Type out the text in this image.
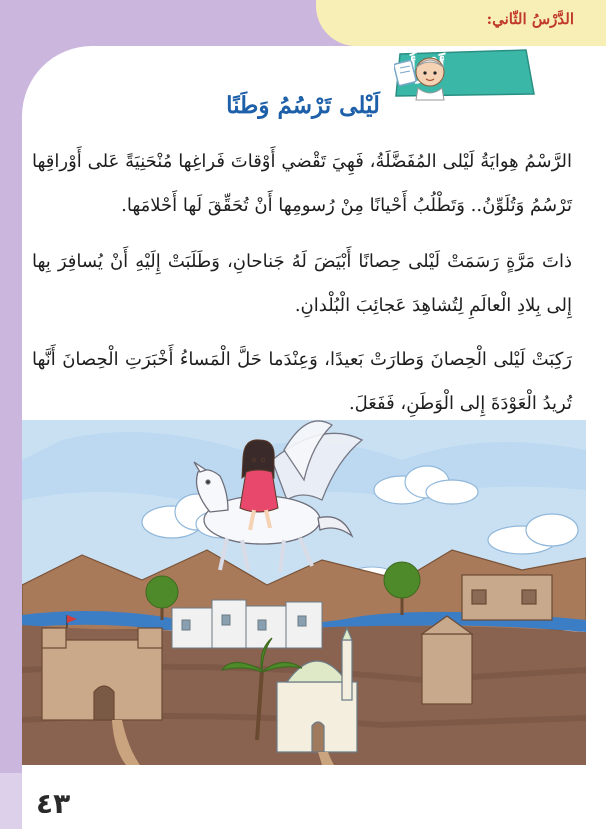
الدَّرْسُ الثّاني:
لَيْلى تَرْسُمُ وَطَنًا

الرَّسْمُ هِوايَةُ لَيْلى المُفَضَّلَةُ، فَهِيَ تَقْضي أَوْقاتَ فَراغِها مُنْحَنِيَةً عَلى أَوْراقِها تَرْسُمُ وَتُلَوِّنُ.. وَتَطْلُبُ أَحْيانًا مِنْ رُسومِها أَنْ تُحَقِّقَ لَها أَحْلامَها.

ذاتَ مَرَّةٍ رَسَمَتْ لَيْلى حِصانًا أَبْيَضَ لَهُ جَناحانِ، وَطَلَبَتْ إِلَيْهِ أَنْ يُسافِرَ بِها إِلى بِلادِ الْعالَمِ لِتُشاهِدَ عَجائِبَ الْبُلْدانِ.

رَكِبَتْ لَيْلى الْحِصانَ وَطارَتْ بَعيدًا، وَعِنْدَما حَلَّ الْمَساءُ أَخْبَرَتِ الْحِصانَ أَنَّها تُريدُ الْعَوْدَةَ إِلى الْوَطَنِ، فَفَعَلَ.

٤٣
